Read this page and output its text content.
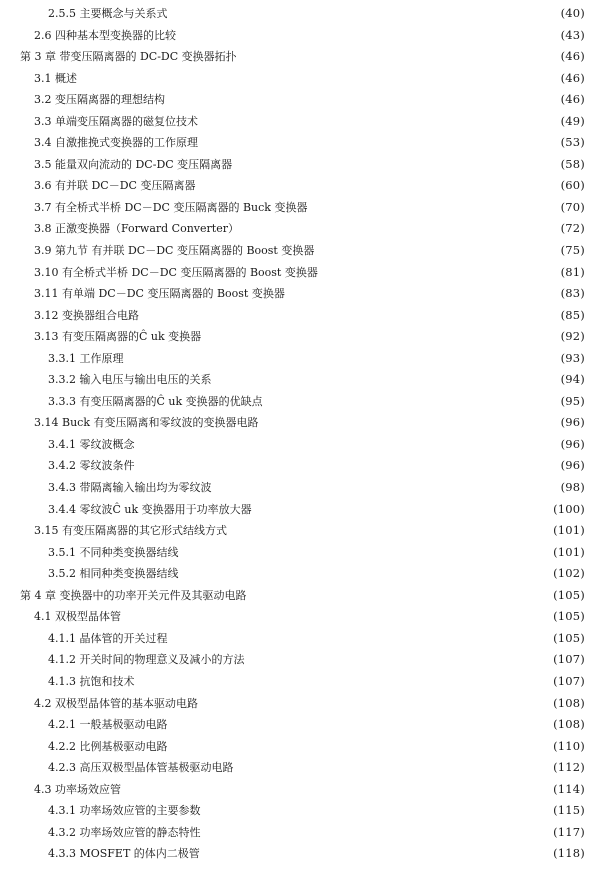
2.5.5 主要概念与关系式	(40)
2.6 四种基本型变换器的比较	(43)
第 3 章 带变压隔离器的 DC-DC 变换器拓扑	(46)
3.1 概述	(46)
3.2 变压隔离器的理想结构	(46)
3.3 单端变压隔离器的磁复位技术	(49)
3.4 自激推挽式变换器的工作原理	(53)
3.5 能量双向流动的 DC-DC 变压隔离器	(58)
3.6 有并联 DC－DC 变压隔离器	(60)
3.7 有全桥式半桥 DC－DC 变压隔离器的 Buck 变换器	(70)
3.8 正激变换器（Forward Converter）	(72)
3.9 第九节 有并联 DC－DC 变压隔离器的 Boost 变换器	(75)
3.10 有全桥式半桥 DC－DC 变压隔离器的 Boost 变换器	(81)
3.11 有单端 DC－DC 变压隔离器的 Boost 变换器	(83)
3.12 变换器组合电路	(85)
3.13 有变压隔离器的Ĉ uk 变换器	(92)
3.3.1 工作原理	(93)
3.3.2 输入电压与输出电压的关系	(94)
3.3.3 有变压隔离器的Ĉ uk 变换器的优缺点	(95)
3.14 Buck 有变压隔离和零纹波的变换器电路	(96)
3.4.1 零纹波概念	(96)
3.4.2 零纹波条件	(96)
3.4.3 带隔离输入输出均为零纹波	(98)
3.4.4 零纹波Ĉ uk 变换器用于功率放大器	(100)
3.15 有变压隔离器的其它形式结线方式	(101)
3.5.1 不同种类变换器结线	(101)
3.5.2 相同种类变换器结线	(102)
第 4 章 变换器中的功率开关元件及其驱动电路	(105)
4.1 双极型晶体管	(105)
4.1.1 晶体管的开关过程	(105)
4.1.2 开关时间的物理意义及减小的方法	(107)
4.1.3 抗饱和技术	(107)
4.2 双极型晶体管的基本驱动电路	(108)
4.2.1 一般基极驱动电路	(108)
4.2.2 比例基极驱动电路	(110)
4.2.3 高压双极型晶体管基极驱动电路	(112)
4.3 功率场效应管	(114)
4.3.1 功率场效应管的主要参数	(115)
4.3.2 功率场效应管的静态特性	(117)
4.3.3 MOSFET 的体内二极管	(118)
